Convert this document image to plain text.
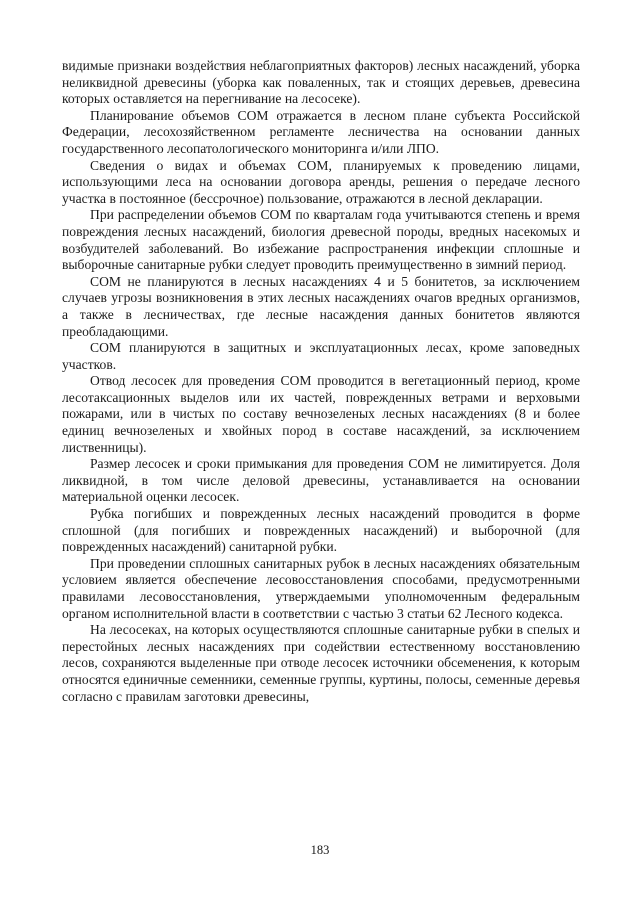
видимые признаки воздействия неблагоприятных факторов) лесных насаждений, уборка неликвидной древесины (уборка как поваленных, так и стоящих деревьев, древесина которых оставляется на перегнивание на лесосеке).

Планирование объемов СОМ отражается в лесном плане субъекта Российской Федерации, лесохозяйственном регламенте лесничества на основании данных государственного лесопатологического мониторинга и/или ЛПО.

Сведения о видах и объемах СОМ, планируемых к проведению лицами, использующими леса на основании договора аренды, решения о передаче лесного участка в постоянное (бессрочное) пользование, отражаются в лесной декларации.

При распределении объемов СОМ по кварталам года учитываются степень и время повреждения лесных насаждений, биология древесной породы, вредных насекомых и возбудителей заболеваний. Во избежание распространения инфекции сплошные и выборочные санитарные рубки следует проводить преимущественно в зимний период.

СОМ не планируются в лесных насаждениях 4 и 5 бонитетов, за исключением случаев угрозы возникновения в этих лесных насаждениях очагов вредных организмов, а также в лесничествах, где лесные насаждения данных бонитетов являются преобладающими.

СОМ планируются в защитных и эксплуатационных лесах, кроме заповедных участков.

Отвод лесосек для проведения СОМ проводится в вегетационный период, кроме лесотаксационных выделов или их частей, поврежденных ветрами и верховыми пожарами, или в чистых по составу вечнозеленых лесных насаждениях (8 и более единиц вечнозеленых и хвойных пород в составе насаждений, за исключением лиственницы).

Размер лесосек и сроки примыкания для проведения СОМ не лимитируется. Доля ликвидной, в том числе деловой древесины, устанавливается на основании материальной оценки лесосек.

Рубка погибших и поврежденных лесных насаждений проводится в форме сплошной (для погибших и поврежденных насаждений) и выборочной (для поврежденных насаждений) санитарной рубки.

При проведении сплошных санитарных рубок в лесных насаждениях обязательным условием является обеспечение лесовосстановления способами, предусмотренными правилами лесовосстановления, утверждаемыми уполномоченным федеральным органом исполнительной власти в соответствии с частью 3 статьи 62 Лесного кодекса.

На лесосеках, на которых осуществляются сплошные санитарные рубки в спелых и перестойных лесных насаждениях при содействии естественному восстановлению лесов, сохраняются выделенные при отводе лесосек источники обсеменения, к которым относятся единичные семенники, семенные группы, куртины, полосы, семенные деревья согласно с правилам заготовки древесины,

183
